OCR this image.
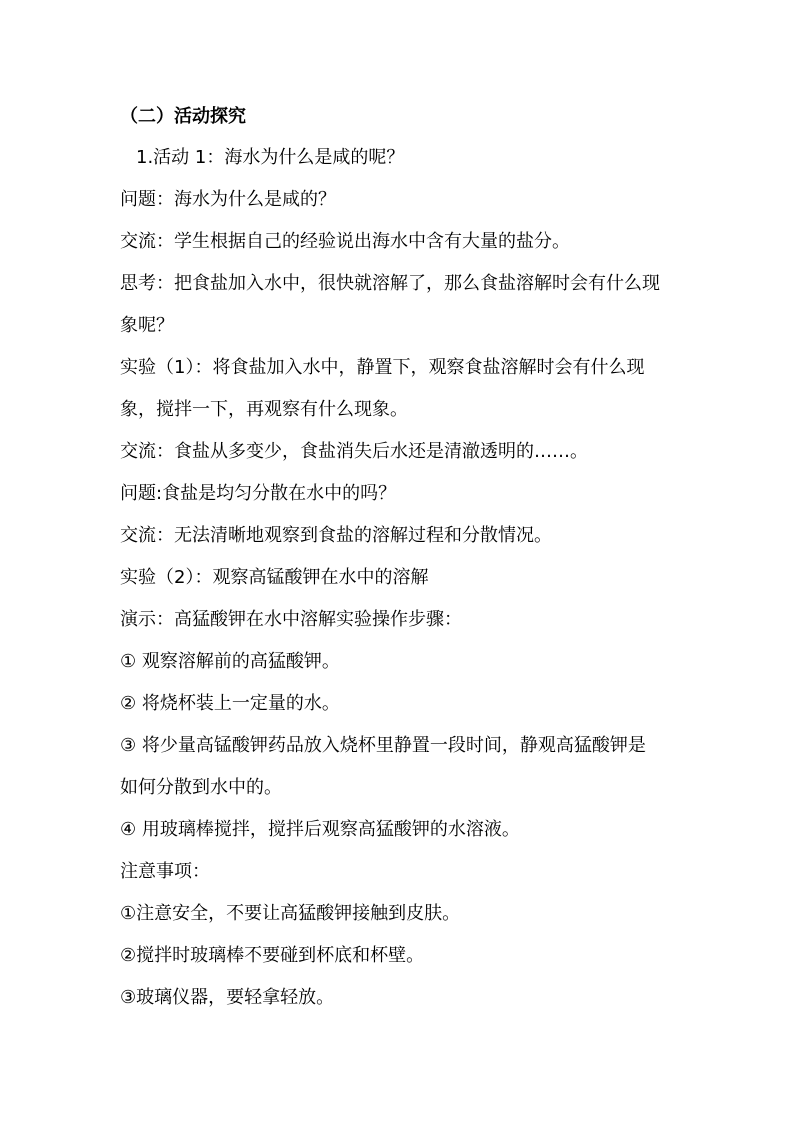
（二）活动探究
1.活动 1：海水为什么是咸的呢？
问题：海水为什么是咸的？
交流：学生根据自己的经验说出海水中含有大量的盐分。
思考：把食盐加入水中，很快就溶解了，那么食盐溶解时会有什么现
象呢？
实验（1）：将食盐加入水中，静置下，观察食盐溶解时会有什么现
象，搅拌一下，再观察有什么现象。
交流：食盐从多变少，食盐消失后水还是清澈透明的……。
问题:食盐是均匀分散在水中的吗？
交流：无法清晰地观察到食盐的溶解过程和分散情况。
实验（2）：观察高锰酸钾在水中的溶解
演示：高猛酸钾在水中溶解实验操作步骤：
① 观察溶解前的高猛酸钾。
② 将烧杯装上一定量的水。
③ 将少量高锰酸钾药品放入烧杯里静置一段时间，静观高猛酸钾是
如何分散到水中的。
④ 用玻璃棒搅拌，搅拌后观察高猛酸钾的水溶液。
注意事项：
①注意安全，不要让高猛酸钾接触到皮肤。
②搅拌时玻璃棒不要碰到杯底和杯壁。
③玻璃仪器，要轻拿轻放。
